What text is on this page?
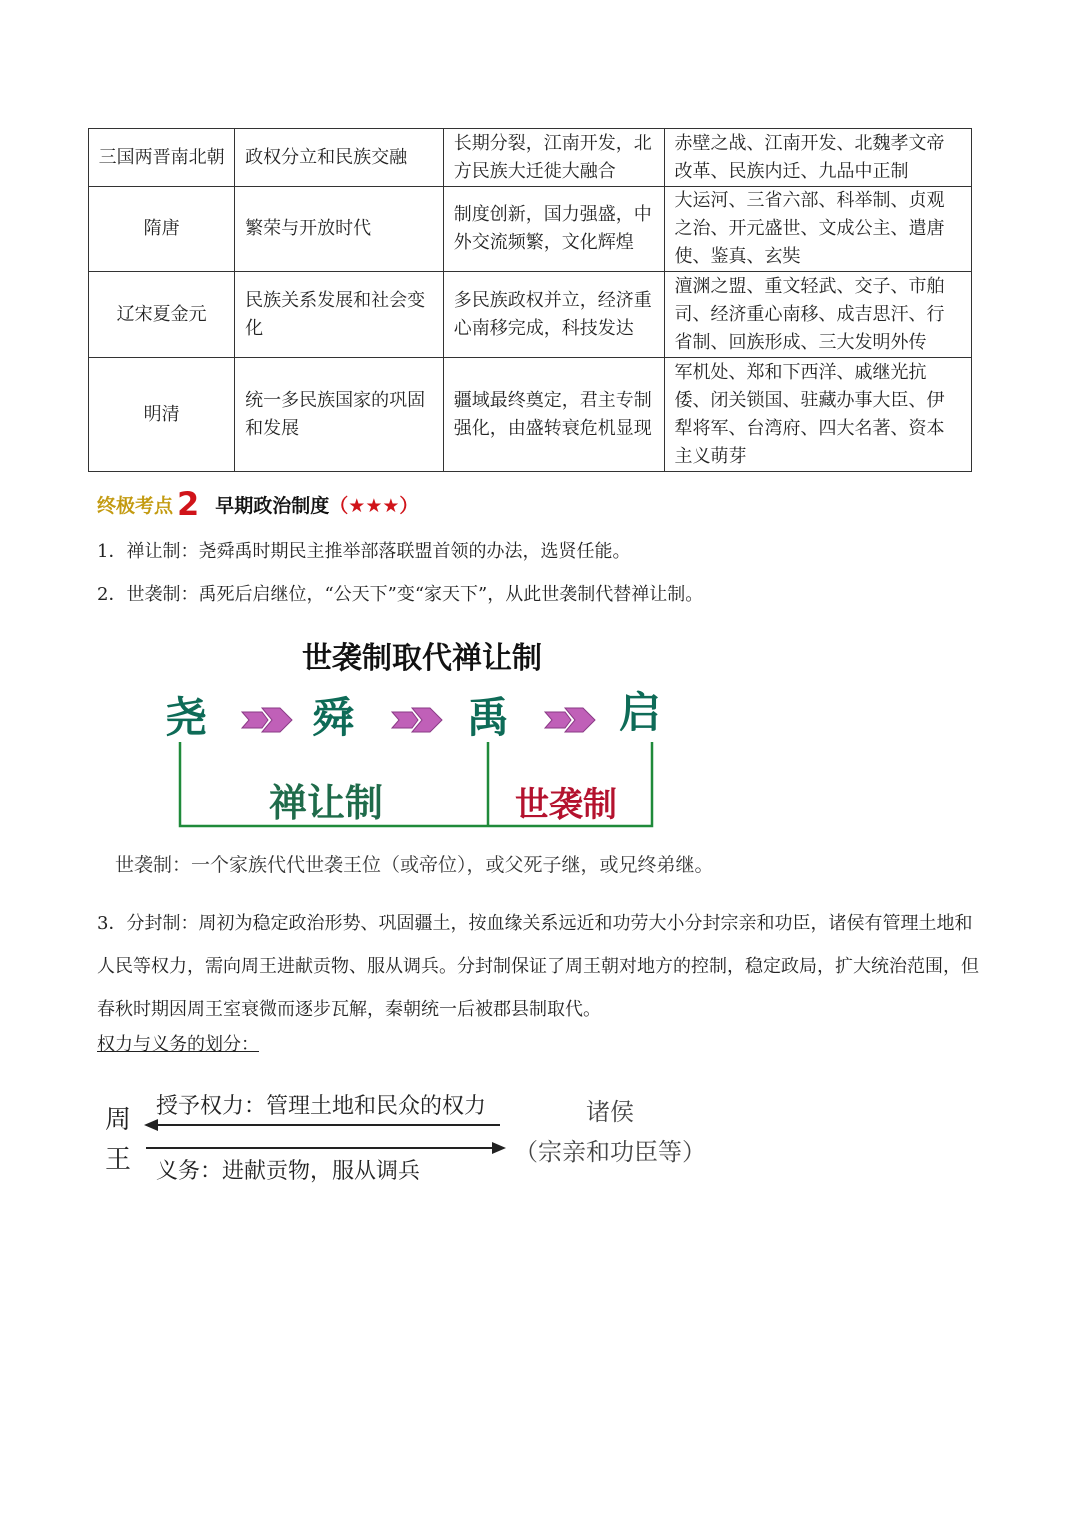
三国两晋南北朝	政权分立和民族交融	长期分裂，江南开发，北方民族大迁徙大融合	赤壁之战、江南开发、北魏孝文帝改革、民族内迁、九品中正制
隋唐	繁荣与开放时代	制度创新，国力强盛，中外交流频繁，文化辉煌	大运河、三省六部、科举制、贞观之治、开元盛世、文成公主、遣唐使、鉴真、玄奘
辽宋夏金元	民族关系发展和社会变化	多民族政权并立，经济重心南移完成，科技发达	澶渊之盟、重文轻武、交子、市舶司、经济重心南移、成吉思汗、行省制、回族形成、三大发明外传
明清	统一多民族国家的巩固和发展	疆域最终奠定，君主专制强化，由盛转衰危机显现	军机处、郑和下西洋、戚继光抗倭、闭关锁国、驻藏办事大臣、伊犁将军、台湾府、四大名著、资本主义萌芽
终极考点 2 早期政治制度 （★★★）
1．禅让制：尧舜禹时期民主推举部落联盟首领的办法，选贤任能。
2．世袭制：禹死后启继位，“公天下”变“家天下”，从此世袭制代替禅让制。
世袭制取代禅让制
尧 舜	禹	启
禅让制	世袭制
周
王
授予权力：管理土地和民众的权力
义务：进献贡物，服从调兵
诸侯
（宗亲和功臣等）
世袭制：一个家族代代世袭王位（或帝位），或父死子继，或兄终弟继。
3．分封制：周初为稳定政治形势、巩固疆土，按血缘关系远近和功劳大小分封宗亲和功臣，诸侯有管理土地和人民等权力，需向周王进献贡物、服从调兵。分封制保证了周王朝对地方的控制，稳定政局，扩大统治范围，但春秋时期因周王室衰微而逐步瓦解，秦朝统一后被郡县制取代。
权力与义务的划分：
